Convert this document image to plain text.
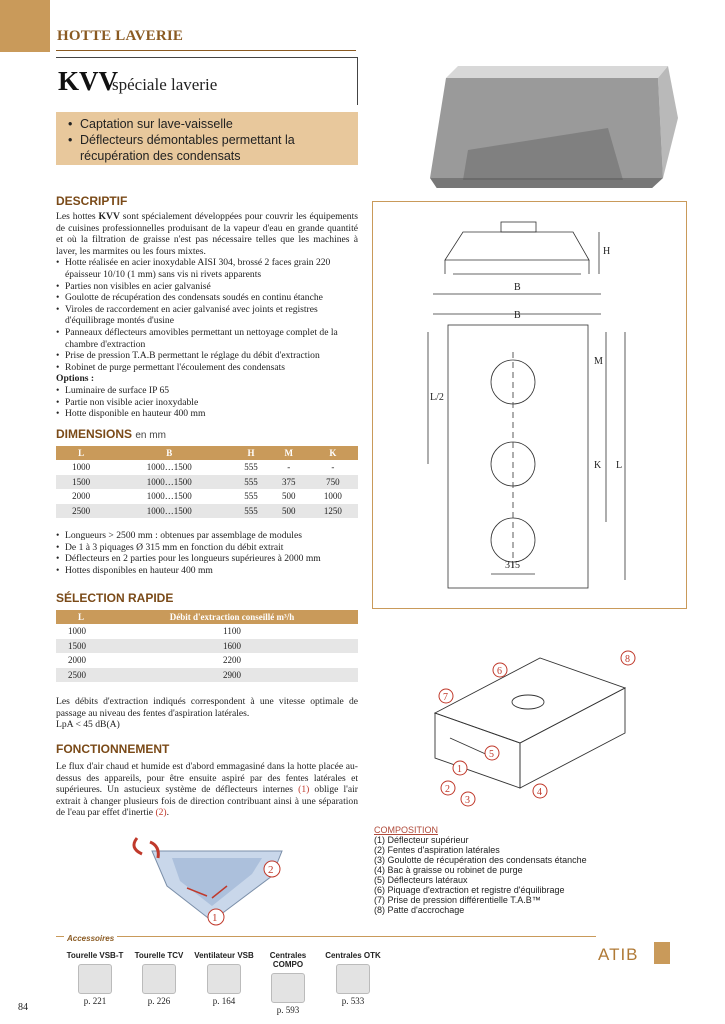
HOTTE LAVERIE
KVV
spéciale laverie
• Captation sur lave-vaisselle
• Déflecteurs démontables permettant la récupération des condensats
DESCRIPTIF

Les hottes KVV sont spécialement développées pour couvrir les équipements de cuisines professionnelles produisant de la vapeur d'eau en grande quantité et où la filtration de graisse n'est pas nécessaire telles que les machines à laver, les marmites ou les fours mixtes.

• Hotte réalisée en acier inoxydable AISI 304, brossé 2 faces grain 220 épaisseur 10/10 (1 mm) sans vis ni rivets apparents
• Parties non visibles en acier galvanisé
• Goulotte de récupération des condensats soudés en continu étanche
• Viroles de raccordement en acier galvanisé avec joints et registres d'équilibrage montés d'usine
• Panneaux déflecteurs amovibles permettant un nettoyage complet de la chambre d'extraction
• Prise de pression T.A.B permettant le réglage du débit d'extraction
• Robinet de purge permettant l'écoulement des condensats
Options :
• Luminaire de surface IP 65
• Partie non visible acier inoxydable
• Hotte disponible en hauteur 400 mm
DIMENSIONS en mm
L	B	H	M	K
1000	1000…1500	555	-	-
1500	1000…1500	555	375	750
2000	1000…1500	555	500	1000
2500	1000…1500	555	500	1250
• Longueurs > 2500 mm : obtenues par assemblage de modules
• De 1 à 3 piquages Ø 315 mm en fonction du débit extrait
• Déflecteurs en 2 parties pour les longueurs supérieures à 2000 mm
• Hottes disponibles en hauteur 400 mm
SÉLECTION RAPIDE
L	Débit d'extraction conseillé m³/h
1000	1100
1500	1600
2000	2200
2500	2900

Les débits d'extraction indiqués correspondent à une vitesse optimale de passage au niveau des fentes d'aspiration latérales.

LpA < 45 dB(A)

FONCTIONNEMENT

Le flux d'air chaud et humide est d'abord emmagasiné dans la hotte placée au-dessus des appareils, pour être ensuite aspiré par des fentes latérales et supérieures. Un astucieux système de déflecteurs internes (1) oblige l'air extrait à changer plusieurs fois de direction contribuant ainsi à une séparation de l'eau par effet d'inertie (2).

2
1
H
B
B
M
L/2
K L
315
6
8
7
5
1
2
3
4
COMPOSITION
(1) Déflecteur supérieur
(2) Fentes d'aspiration latérales
(3) Goulotte de récupération des condensats étanche
(4) Bac à graisse ou robinet de purge
(5) Déflecteurs latéraux
(6) Piquage d'extraction et registre d'équilibrage
(7) Prise de pression différentielle T.A.B™
(8) Patte d'accrochage
Accessoires
Tourelle VSB-T
p. 221
Tourelle TCV
p. 226
Ventilateur VSB
p. 164
Centrales COMPO
p. 593
Centrales OTK
p. 533
84
ATIB
